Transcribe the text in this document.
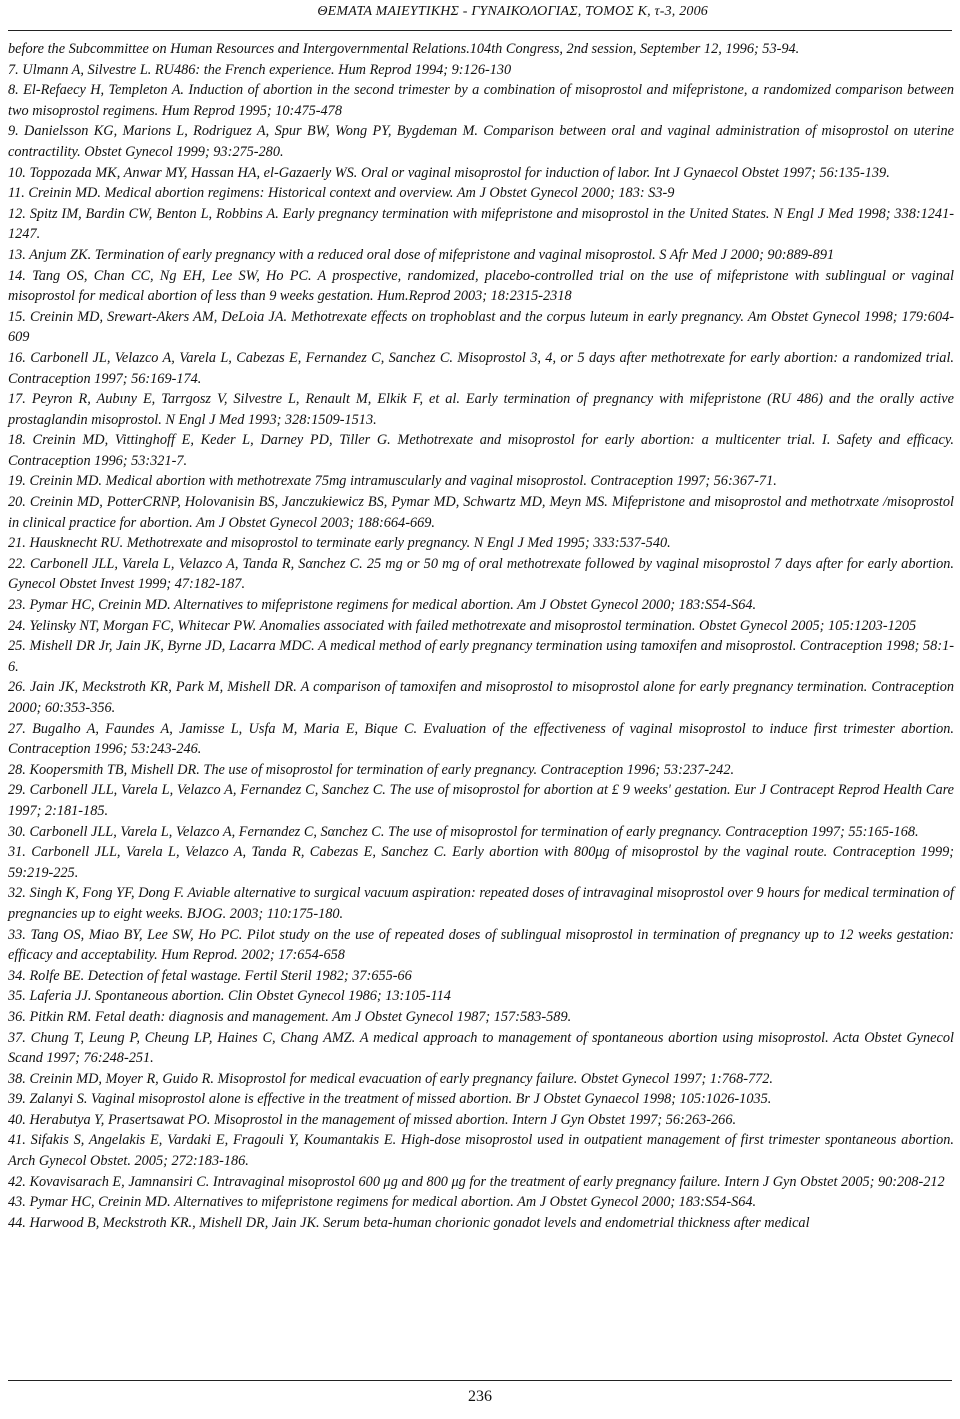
ΘΕΜΑΤΑ ΜΑΙΕΥΤΙΚΗΣ - ΓΥΝΑΙΚΟΛΟΓΙΑΣ, ΤΟΜΟΣ Κ, τ-3, 2006

before the Subcommittee on Human Resources and Intergovernmental Relations.104th Congress, 2nd session, September 12, 1996; 53-94.

7. Ulmann A, Silvestre L. RU486: the French experience. Hum Reprod 1994; 9:126-130

8. El-Refaecy H, Templeton A. Induction of abortion in the second trimester by a combination of misoprostol and mifepristone, a randomized comparison between two misoprostol regimens. Hum Reprod 1995; 10:475-478

9. Danielsson KG, Marions L, Rodriguez A, Spur BW, Wong PY, Bygdeman M. Comparison between oral and vaginal administration of misoprostol on uterine contractility. Obstet Gynecol 1999; 93:275-280.

10. Toppozada MK, Anwar MY, Hassan HA, el-Gazaerly WS. Oral or vaginal misoprostol for induction of labor. Int J Gynaecol Obstet 1997; 56:135-139.

11. Creinin MD. Medical abortion regimens: Historical context and overview. Am J Obstet Gynecol 2000; 183: S3-9

12. Spitz IM, Bardin CW, Benton L, Robbins A. Early pregnancy termination with mifepristone and misoprostol in the United States. N Engl J Med 1998; 338:1241-1247.

13. Anjum ZK. Termination of early pregnancy with a reduced oral dose of mifepristone and vaginal misoprostol. S Afr Med J 2000; 90:889-891

14. Tang OS, Chan CC, Ng EH, Lee SW, Ho PC. A prospective, randomized, placebo-controlled trial on the use of mifepristone with sublingual or vaginal misoprostol for medical abortion of less than 9 weeks gestation. Hum.Reprod 2003; 18:2315-2318

15. Creinin MD, Srewart-Akers AM, DeLoia JA. Methotrexate effects on trophoblast and the corpus luteum in early pregnancy. Am Obstet Gynecol 1998; 179:604-609

16. Carbonell JL, Velazco A, Varela L, Cabezas E, Fernandez C, Sanchez C. Misoprostol 3, 4, or 5 days after methotrexate for early abortion: a randomized trial. Contraception 1997; 56:169-174.

17. Peyron R, Aubιny E, Tarrgosz V, Silvestre L, Renault M, Elkik F, et al. Early termination of pregnancy with mifepristone (RU 486) and the orally active prostaglandin misoprostol. N Engl J Med 1993; 328:1509-1513.

18. Creinin MD, Vittinghoff E, Keder L, Darney PD, Tiller G. Methotrexate and misoprostol for early abortion: a multicenter trial. I. Safety and efficacy. Contraception 1996; 53:321-7.

19. Creinin MD. Medical abortion with methotrexate 75mg intramuscularly and vaginal misoprostol. Contraception 1997; 56:367-71.

20. Creinin MD, PotterCRNP, Holovanisin BS, Janczukiewicz BS, Pymar MD, Schwartz MD, Meyn MS. Mifepristone and misoprostol and methotrxate /misoprostol in clinical practice for abortion. Am J Obstet Gynecol 2003; 188:664-669.

21. Hausknecht RU. Methotrexate and misoprostol to terminate early pregnancy. N Engl J Med 1995; 333:537-540.

22. Carbonell JLL, Varela L, Velazco A, Tanda R, Sαnchez C. 25 mg or 50 mg of oral methotrexate followed by vaginal misoprostol 7 days after for early abortion. Gynecol Obstet Invest 1999; 47:182-187.

23. Pymar HC, Creinin MD. Alternatives to mifepristone regimens for medical abortion. Am J Obstet Gynecol 2000; 183:S54-S64.

24. Yelinsky NT, Morgan FC, Whitecar PW. Anomalies associated with failed methotrexate and misoprostol termination. Obstet Gynecol 2005; 105:1203-1205

25. Mishell DR Jr, Jain JK, Byrne JD, Lacarra MDC. A medical method of early pregnancy termination using tamoxifen and misoprostol. Contraception 1998; 58:1-6.

26. Jain JK, Meckstroth KR, Park M, Mishell DR. A comparison of tamoxifen and misoprostol to misoprostol alone for early pregnancy termination. Contraception 2000; 60:353-356.

27. Bugalho A, Faundes A, Jamisse L, Usfa M, Maria E, Bique C. Evaluation of the effectiveness of vaginal misoprostol to induce first trimester abortion. Contraception 1996; 53:243-246.

28. Koopersmith TB, Mishell DR. The use of misoprostol for termination of early pregnancy. Contraception 1996; 53:237-242.

29. Carbonell JLL, Varela L, Velazco A, Fernandez C, Sanchez C. The use of misoprostol for abortion at £ 9 weeks' gestation. Eur J Contracept Reprod Health Care 1997; 2:181-185.

30. Carbonell JLL, Varela L, Velazco A, Fernαndez C, Sαnchez C. The use of misoprostol for termination of early pregnancy. Contraception 1997; 55:165-168.

31. Carbonell JLL, Varela L, Velazco A, Tanda R, Cabezas E, Sanchez C. Early abortion with 800μg of misoprostol by the vaginal route. Contraception 1999; 59:219-225.

32. Singh K, Fong YF, Dong F. Aviable alternative to surgical vacuum aspiration: repeated doses of intravaginal misoprostol over 9 hours for medical termination of pregnancies up to eight weeks. BJOG. 2003; 110:175-180.

33. Tang OS, Miao BY, Lee SW, Ho PC. Pilot study on the use of repeated doses of sublingual misoprostol in termination of pregnancy up to 12 weeks gestation: efficacy and acceptability. Hum Reprod. 2002; 17:654-658

34. Rolfe BE. Detection of fetal wastage. Fertil Steril 1982; 37:655-66

35. Laferia JJ. Spontaneous abortion. Clin Obstet Gynecol 1986; 13:105-114

36. Pitkin RM. Fetal death: diagnosis and management. Am J Obstet Gynecol 1987; 157:583-589.

37. Chung T, Leung P, Cheung LP, Haines C, Chang AMZ. A medical approach to management of spontaneous abortion using misoprostol. Acta Obstet Gynecol Scand 1997; 76:248-251.

38. Creinin MD, Moyer R, Guido R. Misoprostol for medical evacuation of early pregnancy failure. Obstet Gynecol 1997; 1:768-772.

39. Zalanyi S. Vaginal misoprostol alone is effective in the treatment of missed abortion. Br J Obstet Gynaecol 1998; 105:1026-1035.

40. Herabutya Y, Prasertsawat PO. Misoprostol in the management of missed abortion. Intern J Gyn Obstet 1997; 56:263-266.

41. Sifakis S, Angelakis E, Vardaki E, Fragouli Y, Koumantakis E. High-dose misoprostol used in outpatient management of first trimester spontaneous abortion. Arch Gynecol Obstet. 2005; 272:183-186.

42. Kovavisarach E, Jamnansiri C. Intravaginal misoprostol 600 μg and 800 μg for the treatment of early pregnancy failure. Intern J Gyn Obstet 2005; 90:208-212

43. Pymar HC, Creinin MD. Alternatives to mifepristone regimens for medical abortion. Am J Obstet Gynecol 2000; 183:S54-S64.

44. Harwood B, Meckstroth KR., Mishell DR, Jain JK. Serum beta-human chorionic gonadot levels and endometrial thickness after medical

236
